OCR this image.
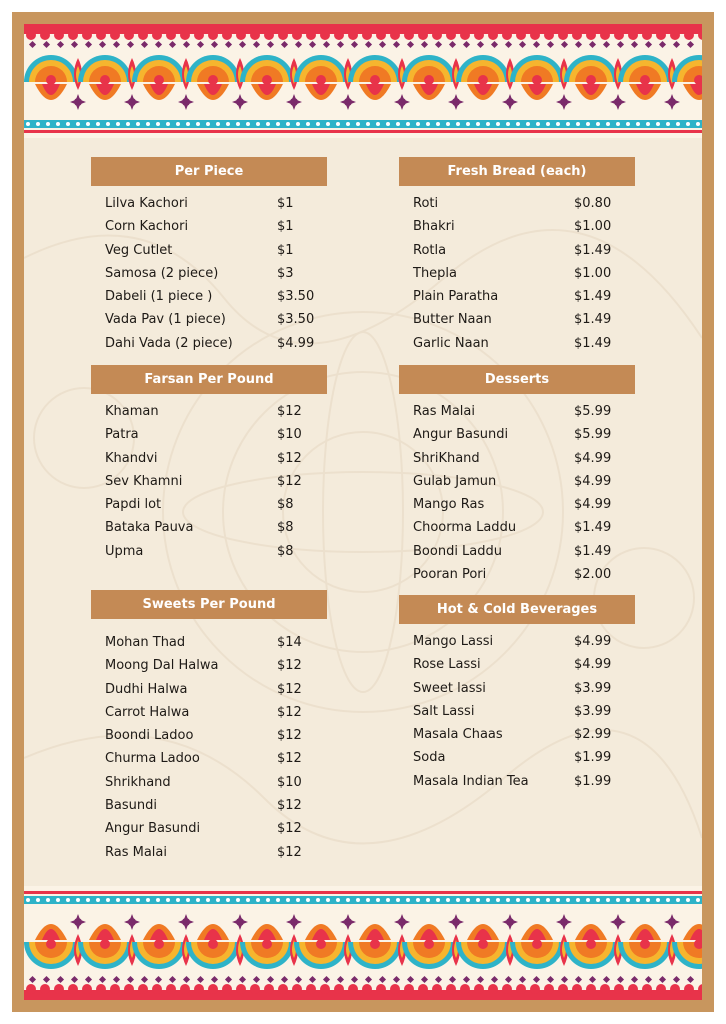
Per Piece
Lilva Kachori	$1
Corn Kachori	$1
Veg Cutlet	$1
Samosa (2 piece)	$3
Dabeli (1 piece )	$3.50
Vada Pav (1 piece)	$3.50
Dahi Vada (2 piece)	$4.99
Farsan Per Pound
Khaman	$12
Patra	$10
Khandvi	$12
Sev Khamni	$12
Papdi lot	$8
Bataka Pauva	$8
Upma	$8
Sweets Per Pound
Mohan Thad	$14
Moong Dal Halwa	$12
Dudhi Halwa	$12
Carrot Halwa	$12
Boondi Ladoo	$12
Churma Ladoo	$12
Shrikhand	$10
Basundi	$12
Angur Basundi	$12
Ras Malai	$12
Fresh Bread (each)
Roti	$0.80
Bhakri	$1.00
Rotla	$1.49
Thepla	$1.00
Plain Paratha	$1.49
Butter Naan	$1.49
Garlic Naan	$1.49
Desserts
Ras Malai	$5.99
Angur Basundi	$5.99
ShriKhand	$4.99
Gulab Jamun	$4.99
Mango Ras	$4.99
Choorma Laddu	$1.49
Boondi Laddu	$1.49
Pooran Pori	$2.00
Hot & Cold Beverages
Mango Lassi	$4.99
Rose Lassi	$4.99
Sweet lassi	$3.99
Salt Lassi	$3.99
Masala Chaas	$2.99
Soda	$1.99
Masala Indian Tea	$1.99
